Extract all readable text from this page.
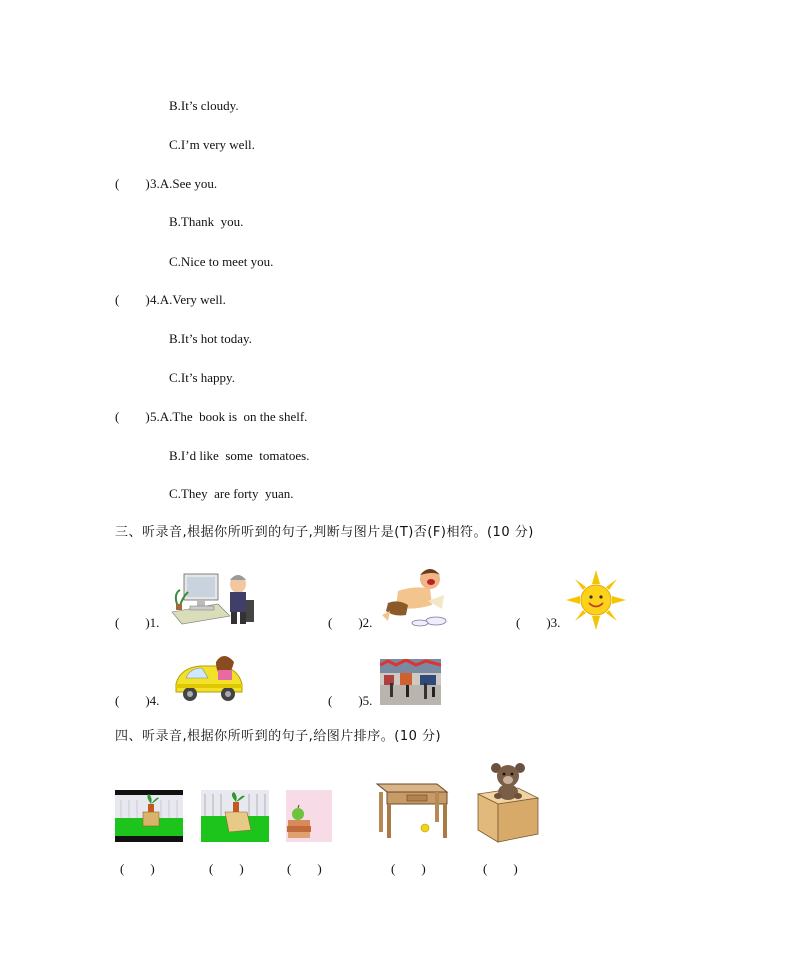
B.It’s cloudy.
C.I’m very well.
(        ) 3.A.See you.
B.Thank  you.
C.Nice to meet you.
(        ) 4.A.Very well.
B.It’s hot today.
C.It’s happy.
(        ) 5.A.The  book is  on the shelf.
B.I’d like  some  tomatoes.
C.They  are forty  yuan.
三、听录音,根据你所听到的句子,判断与图片是(T)否(F)相符。(10 分)
(        )1.	(        )2.	(        )3.
(        )4.	(        )5.
四、听录音,根据你所听到的句子,给图片排序。(10 分)
(        )	(        )	(        )	(        )	(        )
